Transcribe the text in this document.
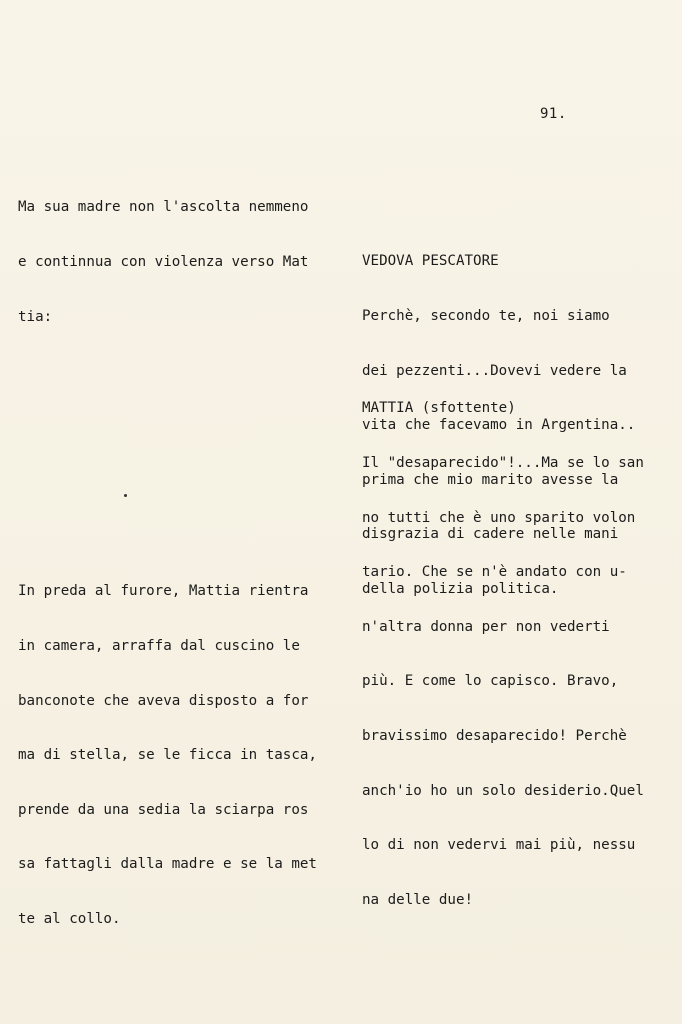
91.

Ma sua madre non l'ascolta nemmeno

e continnua con violenza verso Mat

tia:

In preda al furore, Mattia rientra

in camera, arraffa dal cuscino le

banconote che aveva disposto a for

ma di stella, se le ficca in tasca,

prende da una sedia la sciarpa ros

sa fattagli dalla madre e se la met

te al collo.

VEDOVA PESCATORE

Perchè, secondo te, noi siamo

dei pezzenti...Dovevi vedere la

vita che facevamo in Argentina..

prima che mio marito avesse la

disgrazia di cadere nelle mani

della polizia politica.

MATTIA (sfottente)

Il "desaparecido"!...Ma se lo san

no tutti che è uno sparito volon

tario. Che se n'è andato con u-

n'altra donna per non vederti

più. E come lo capisco. Bravo,

bravissimo desaparecido! Perchè

anch'io ho un solo desiderio.Quel

lo di non vedervi mai più, nessu

na delle due!
